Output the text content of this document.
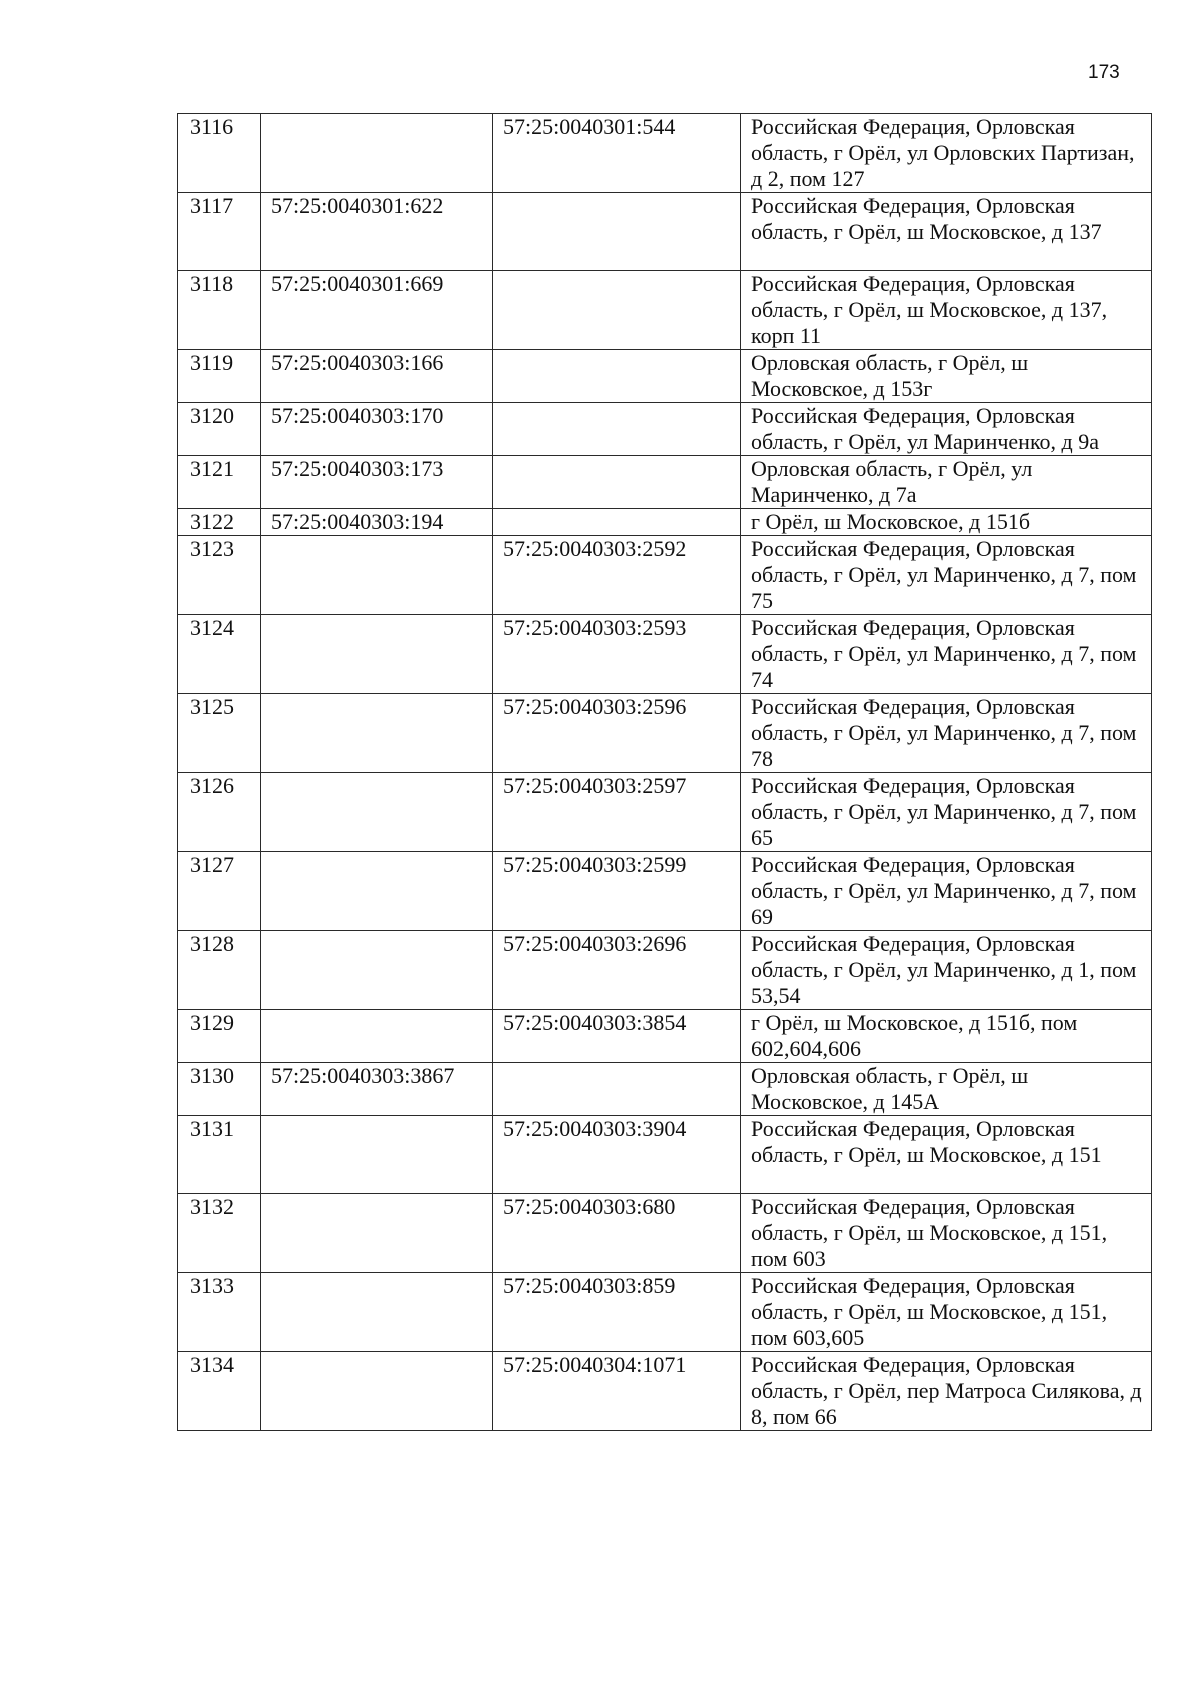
173
3116		57:25:0040301:544	Российская Федерация, Орловская область, г Орёл, ул Орловских Партизан, д 2, пом 127
3117	57:25:0040301:622		Российская Федерация, Орловская область, г Орёл, ш Московское, д 137
3118	57:25:0040301:669		Российская Федерация, Орловская область, г Орёл, ш Московское, д 137, корп 11
3119	57:25:0040303:166		Орловская область, г Орёл, ш Московское, д 153г
3120	57:25:0040303:170		Российская Федерация, Орловская область, г Орёл, ул Маринченко, д 9а
3121	57:25:0040303:173		Орловская область, г Орёл, ул Маринченко, д 7а
3122	57:25:0040303:194		г Орёл, ш Московское, д 151б
3123		57:25:0040303:2592	Российская Федерация, Орловская область, г Орёл, ул Маринченко, д 7, пом 75
3124		57:25:0040303:2593	Российская Федерация, Орловская область, г Орёл, ул Маринченко, д 7, пом 74
3125		57:25:0040303:2596	Российская Федерация, Орловская область, г Орёл, ул Маринченко, д 7, пом 78
3126		57:25:0040303:2597	Российская Федерация, Орловская область, г Орёл, ул Маринченко, д 7, пом 65
3127		57:25:0040303:2599	Российская Федерация, Орловская область, г Орёл, ул Маринченко, д 7, пом 69
3128		57:25:0040303:2696	Российская Федерация, Орловская область, г Орёл, ул Маринченко, д 1, пом 53,54
3129		57:25:0040303:3854	г Орёл, ш Московское, д 151б, пом 602,604,606
3130	57:25:0040303:3867		Орловская область, г Орёл, ш Московское, д 145А
3131		57:25:0040303:3904	Российская Федерация, Орловская область, г Орёл, ш Московское, д 151
3132		57:25:0040303:680	Российская Федерация, Орловская область, г Орёл, ш Московское, д 151, пом 603
3133		57:25:0040303:859	Российская Федерация, Орловская область, г Орёл, ш Московское, д 151, пом 603,605
3134		57:25:0040304:1071	Российская Федерация, Орловская область, г Орёл, пер Матроса Силякова, д 8, пом 66
